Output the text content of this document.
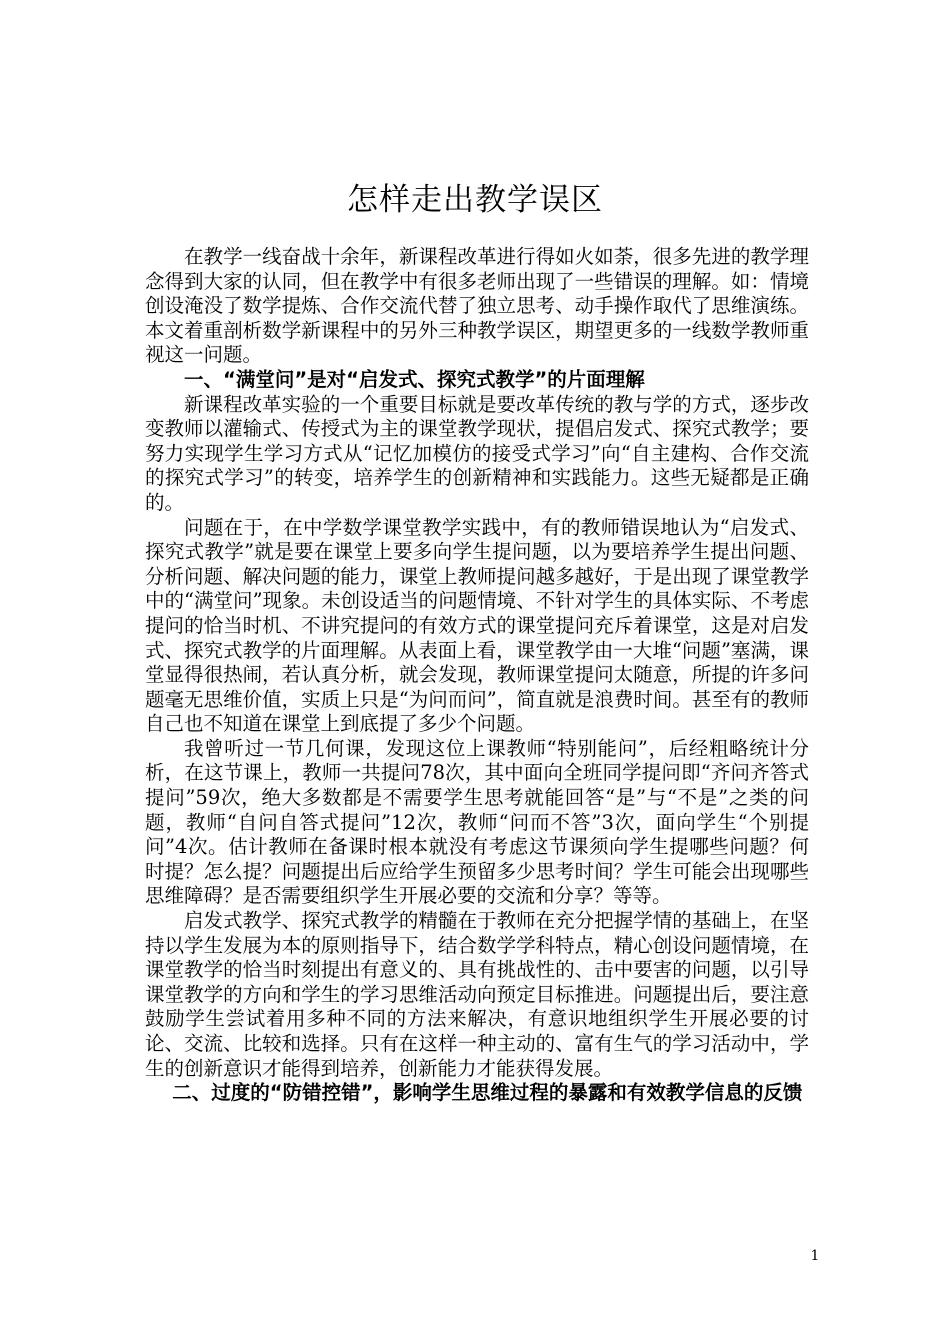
怎样走出教学误区

在教学一线奋战十余年，新课程改革进行得如火如荼，很多先进的教学理念得到大家的认同，但在教学中有很多老师出现了一些错误的理解。如：情境创设淹没了数学提炼、合作交流代替了独立思考、动手操作取代了思维演练。本文着重剖析数学新课程中的另外三种教学误区，期望更多的一线数学教师重视这一问题。

一、“满堂问”是对“启发式、探究式教学”的片面理解

新课程改革实验的一个重要目标就是要改革传统的教与学的方式，逐步改变教师以灌输式、传授式为主的课堂教学现状，提倡启发式、探究式教学；要努力实现学生学习方式从“记忆加模仿的接受式学习”向“自主建构、合作交流的探究式学习”的转变，培养学生的创新精神和实践能力。这些无疑都是正确的。

问题在于，在中学数学课堂教学实践中，有的教师错误地认为“启发式、探究式教学”就是要在课堂上要多向学生提问题，以为要培养学生提出问题、分析问题、解决问题的能力，课堂上教师提问越多越好，于是出现了课堂教学中的“满堂问”现象。未创设适当的问题情境、不针对学生的具体实际、不考虑提问的恰当时机、不讲究提问的有效方式的课堂提问充斥着课堂，这是对启发式、探究式教学的片面理解。从表面上看，课堂教学由一大堆“问题”塞满，课堂显得很热闹，若认真分析，就会发现，教师课堂提问太随意，所提的许多问题毫无思维价值，实质上只是“为问而问”，简直就是浪费时间。甚至有的教师自己也不知道在课堂上到底提了多少个问题。

我曾听过一节几何课，发现这位上课教师“特别能问”，后经粗略统计分析，在这节课上，教师一共提问78次，其中面向全班同学提问即“齐问齐答式提问”59次，绝大多数都是不需要学生思考就能回答“是”与“不是”之类的问题，教师“自问自答式提问”12次，教师“问而不答”3次，面向学生“个别提问”4次。估计教师在备课时根本就没有考虑这节课须向学生提哪些问题？何时提？怎么提？问题提出后应给学生预留多少思考时间？学生可能会出现哪些思维障碍？是否需要组织学生开展必要的交流和分享？等等。

启发式教学、探究式教学的精髓在于教师在充分把握学情的基础上，在坚持以学生发展为本的原则指导下，结合数学学科特点，精心创设问题情境，在课堂教学的恰当时刻提出有意义的、具有挑战性的、击中要害的问题，以引导课堂教学的方向和学生的学习思维活动向预定目标推进。问题提出后，要注意鼓励学生尝试着用多种不同的方法来解决，有意识地组织学生开展必要的讨论、交流、比较和选择。只有在这样一种主动的、富有生气的学习活动中，学生的创新意识才能得到培养，创新能力才能获得发展。

二、过度的“防错控错”，影响学生思维过程的暴露和有效教学信息的反馈
1
